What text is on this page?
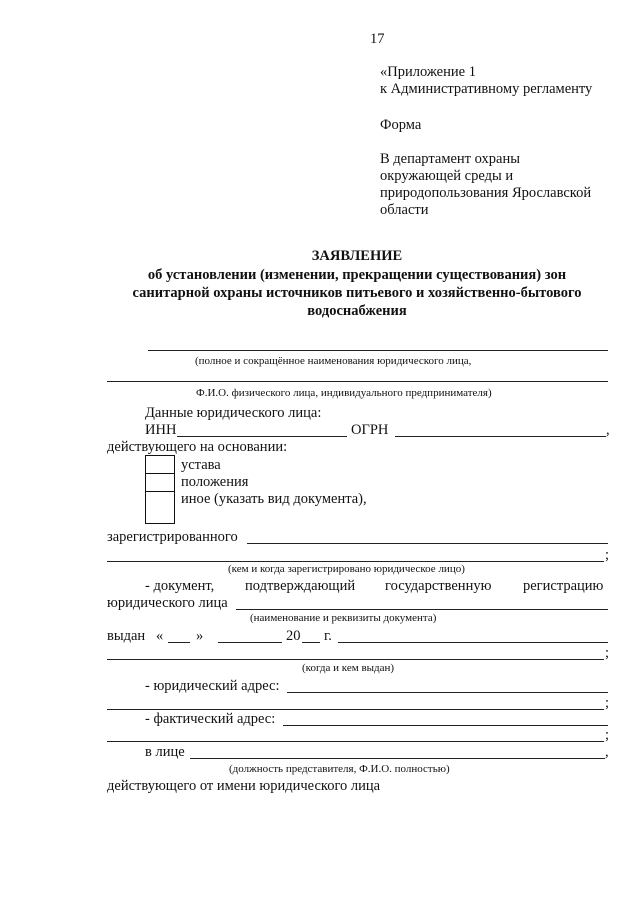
17
«Приложение 1
к Административному регламенту
Форма
В департамент охраны
окружающей среды и
природопользования Ярославской
области
ЗАЯВЛЕНИЕ
об установлении (изменении, прекращении существования) зон
санитарной охраны источников питьевого и хозяйственно-бытового
водоснабжения
(полное и сокращённое наименования юридического лица,
Ф.И.О. физического лица, индивидуального предпринимателя)
Данные юридического лица:
ИНН	ОГРН	,
действующего на основании:
устава
положения
иное (указать вид документа),
зарегистрированного
;
(кем и когда зарегистрировано юридическое лицо)
- документ, подтверждающий государственную регистрацию
юридического лица
(наименование и реквизиты документа)
выдан « »	20 г.
;
(когда и кем выдан)
- юридический адрес:
;
- фактический адрес:
;
в лице	,
(должность представителя, Ф.И.О. полностью)
действующего от имени юридического лица
